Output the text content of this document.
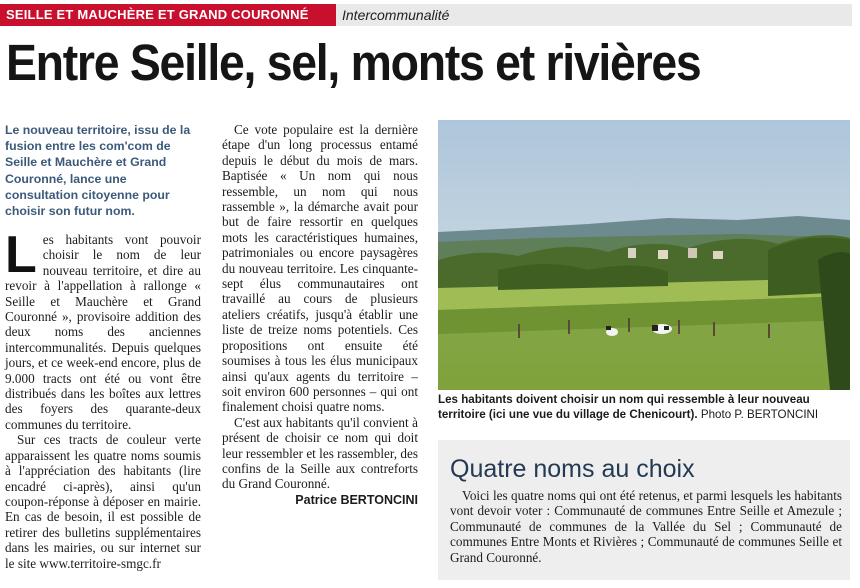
SEILLE ET MAUCHÈRE ET GRAND COURONNÉ	Intercommunalité
Entre Seille, sel, monts et rivières
Le nouveau territoire, issu de la fusion entre les com'com de Seille et Mauchère et Grand Couronné, lance une consultation citoyenne pour choisir son futur nom.
L es habitants vont pouvoir choisir le nom de leur nouveau territoire, et dire au revoir à l'appellation à rallonge « Seille et Mauchère et Grand Couronné », provisoire addition des deux noms des anciennes intercommunalités. Depuis quelques jours, et ce week-end encore, plus de 9.000 tracts ont été ou vont être distribués dans les boîtes aux lettres des foyers des quarante-deux communes du territoire.

Sur ces tracts de couleur verte apparaissent les quatre noms soumis à l'appréciation des habitants (lire encadré ci-après), ainsi qu'un coupon-réponse à déposer en mairie. En cas de besoin, il est possible de retirer des bulletins supplémentaires dans les mairies, ou sur internet sur le site www.territoire-smgc.fr

Ce vote populaire est la dernière étape d'un long processus entamé depuis le début du mois de mars. Baptisée « Un nom qui nous ressemble, un nom qui nous rassemble », la démarche avait pour but de faire ressortir en quelques mots les caractéristiques humaines, patrimoniales ou encore paysagères du nouveau territoire. Les cinquante-sept élus communautaires ont travaillé au cours de plusieurs ateliers créatifs, jusqu'à établir une liste de treize noms potentiels. Ces propositions ont ensuite été soumises à tous les élus municipaux ainsi qu'aux agents du territoire – soit environ 600 personnes – qui ont finalement choisi quatre noms.

C'est aux habitants qu'il convient à présent de choisir ce nom qui doit leur ressembler et les rassembler, des confins de la Seille aux contreforts du Grand Couronné.

Patrice BERTONCINI
Les habitants doivent choisir un nom qui ressemble à leur nouveau territoire (ici une vue du village de Chenicourt). Photo P. BERTONCINI
Quatre noms au choix
Voici les quatre noms qui ont été retenus, et parmi lesquels les habitants vont devoir voter : Communauté de communes Entre Seille et Amezule ; Communauté de communes de la Vallée du Sel ; Communauté de communes Entre Monts et Rivières ; Communauté de communes Seille et Grand Couronné.
